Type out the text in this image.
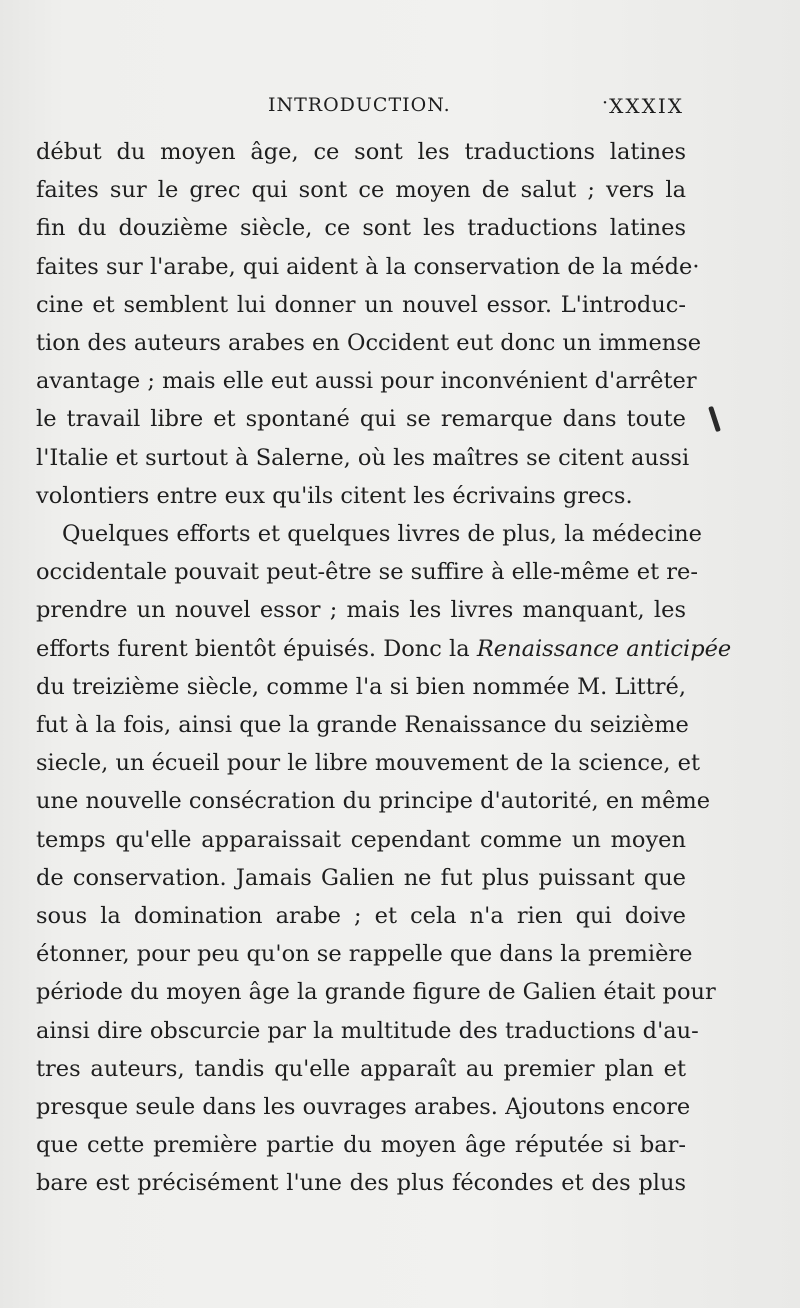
INTRODUCTION.	· XXXIX
début du moyen âge, ce sont les traductions latines
faites sur le grec qui sont ce moyen de salut ; vers la
fin du douzième siècle, ce sont les traductions latines
faites sur l'arabe, qui aident à la conservation de la méde·
cine et semblent lui donner un nouvel essor. L'introduc-
tion des auteurs arabes en Occident eut donc un immense
avantage ; mais elle eut aussi pour inconvénient d'arrêter
le travail libre et spontané qui se remarque dans toute
l'Italie et surtout à Salerne, où les maîtres se citent aussi
volontiers entre eux qu'ils citent les écrivains grecs.
Quelques efforts et quelques livres de plus, la médecine
occidentale pouvait peut-être se suffire à elle-même et re-
prendre un nouvel essor ; mais les livres manquant, les
efforts furent bientôt épuisés. Donc la Renaissance anticipée
du treizième siècle, comme l'a si bien nommée M. Littré,
fut à la fois, ainsi que la grande Renaissance du seizième
siecle, un écueil pour le libre mouvement de la science, et
une nouvelle consécration du principe d'autorité, en même
temps qu'elle apparaissait cependant comme un moyen
de conservation. Jamais Galien ne fut plus puissant que
sous la domination arabe ; et cela n'a rien qui doive
étonner, pour peu qu'on se rappelle que dans la première
période du moyen âge la grande figure de Galien était pour
ainsi dire obscurcie par la multitude des traductions d'au-
tres auteurs, tandis qu'elle apparaît au premier plan et
presque seule dans les ouvrages arabes. Ajoutons encore
que cette première partie du moyen âge réputée si bar-
bare est précisément l'une des plus fécondes et des plus
